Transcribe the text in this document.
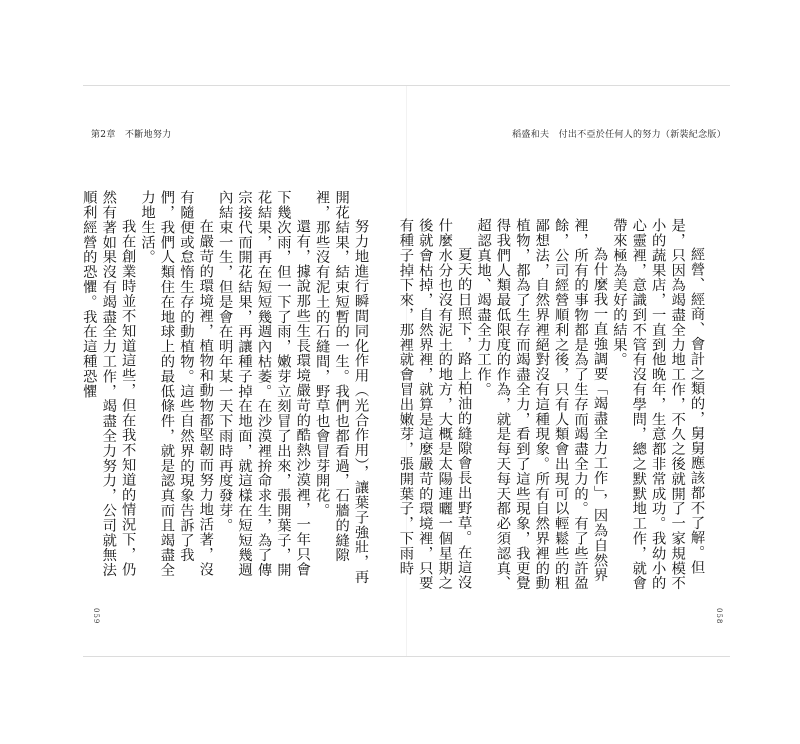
第2章　不斷地努力

努力地進行瞬間同化作用（光合作用），讓葉子強壯，再開花結果，結束短暫的一生。我們也都看過，石牆的縫隙裡，那些沒有泥土的石縫間，野草也會冒芽開花。

還有，據說那些生長環境嚴苛的酷熱沙漠裡，一年只會下幾次雨，但一下了雨，嫩芽立刻冒了出來，張開葉子，開花結果，再在短短幾週內枯萎。在沙漠裡拚命求生，為了傳宗接代而開花結果，再讓種子掉在地面，就這樣在短短幾週內結束一生，但是會在明年某一天下雨時再度發芽。

在嚴苛的環境裡，植物和動物都堅韌而努力地活著，沒有隨便或怠惰生存的動植物。這些自然界的現象告訴了我們，我們人類住在地球上的最低條件，就是認真而且竭盡全力地生活。

我在創業時並不知道這些，但在我不知道的情況下，仍然有著如果沒有竭盡全力工作，竭盡全力努力，公司就無法順利經營的恐懼。我在這種恐懼

059
稻盛和夫　付出不亞於任何人的努力（新裝紀念版）

經營、經商、會計之類的，舅舅應該都不了解。但是，只因為竭盡全力地工作，不久之後就開了一家規模不小的蔬果店，一直到他晚年，生意都非常成功。我幼小的心靈裡，意識到不管有沒有學問，總之默默地工作，就會帶來極為美好的結果。

為什麼我一直強調要「竭盡全力工作」，因為自然界裡，所有的事物都是為了生存而竭盡全力的。有了些許盈餘，公司經營順利之後，只有人類會出現可以輕鬆些的粗鄙想法，自然界裡絕對沒有這種現象。所有自然界裡的動植物，都為了生存而竭盡全力，看到了這些現象，我更覺得我們人類最低限度的作為，就是每天每天都必須認真、超認真地、竭盡全力工作。

夏天的日照下，路上柏油的縫隙會長出野草。在這沒什麼水分也沒有泥土的地方，大概是太陽連曬一個星期之後就會枯掉，自然界裡，就算是這麼嚴苛的環境裡，只要有種子掉下來，那裡就會冒出嫩芽，張開葉子，下雨時

058
